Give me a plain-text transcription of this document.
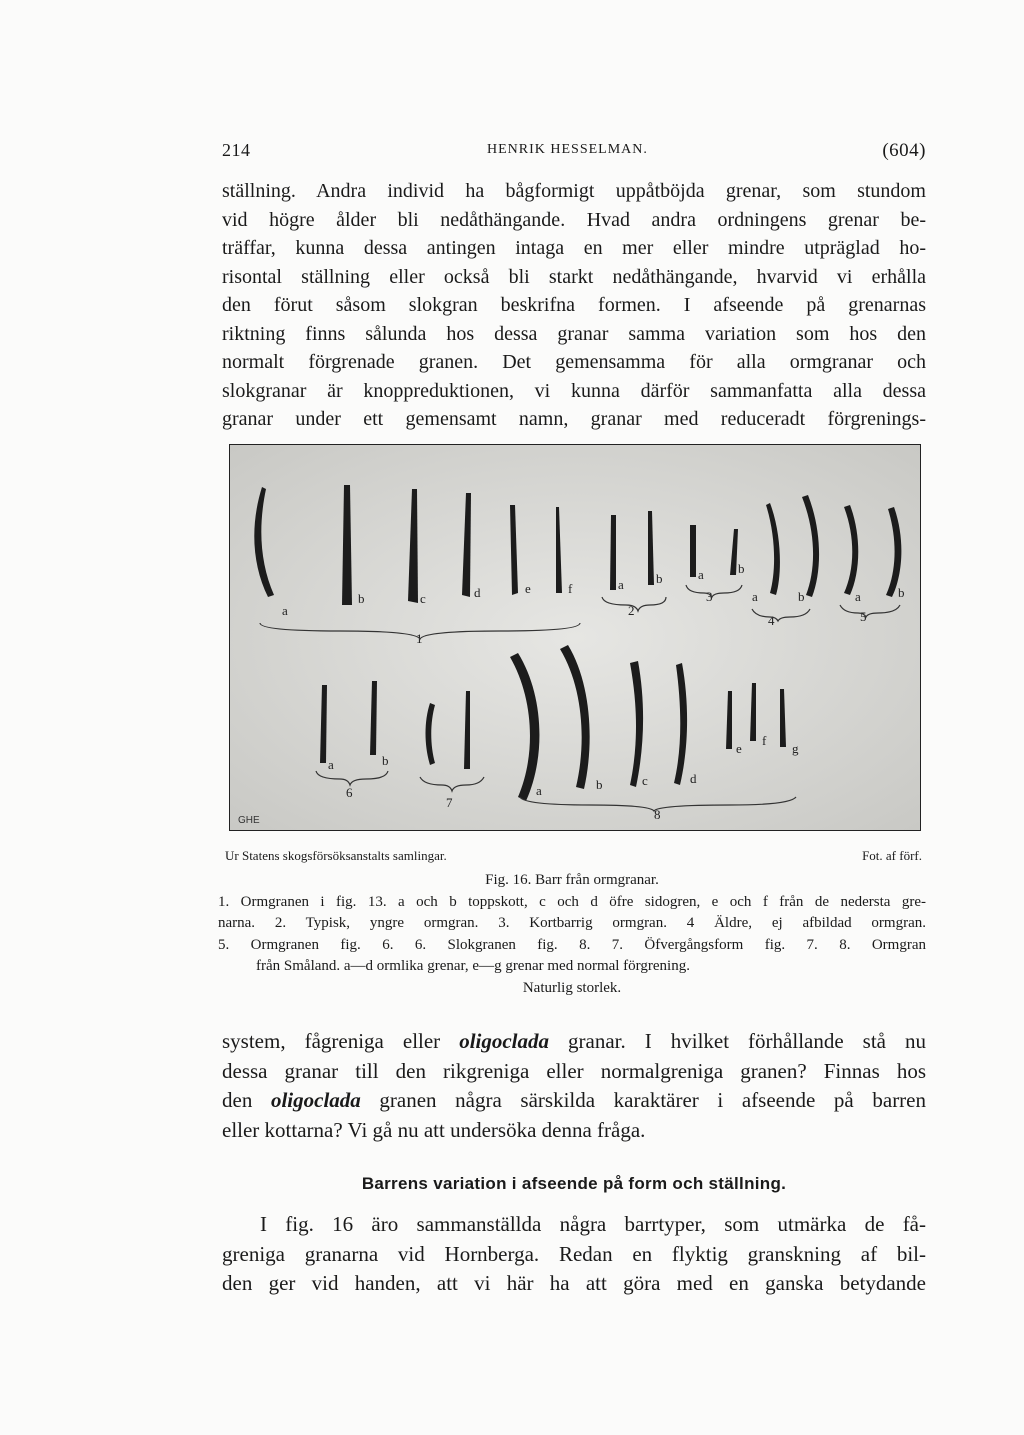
214	HENRIK HESSELMAN.	(604)
ställning. Andra individ ha bågformigt uppåtböjda grenar, som stundom
vid högre ålder bli nedåthängande. Hvad andra ordningens grenar be-
träffar, kunna dessa antingen intaga en mer eller mindre utpräglad ho-
risontal ställning eller också bli starkt nedåthängande, hvarvid vi erhålla
den förut såsom slokgran beskrifna formen. I afseende på grenarnas
riktning finns sålunda hos dessa granar samma variation som hos den
normalt förgrenade granen. Det gemensamma för alla ormgranar och
slokgranar är knoppreduktionen, vi kunna därför sammanfatta alla dessa
granar under ett gemensamt namn, granar med reduceradt förgrenings-
a
b	c	d	e	f	a b
2
a	b
3	a	b
4
a	b
5
1
a	b
6
7
a	b	c	d
e
f
g
8
GHE
Ur Statens skogsförsöksanstalts samlingar.	Fot. af förf.
Fig. 16. Barr från ormgranar.
1. Ormgranen i fig. 13. a och b toppskott, c och d öfre sidogren, e och f från de nedersta gre-
narna. 2. Typisk, yngre ormgran. 3. Kortbarrig ormgran. 4 Äldre, ej afbildad ormgran.
5. Ormgranen fig. 6. 6. Slokgranen fig. 8. 7. Öfvergångsform fig. 7. 8. Ormgran
från Småland. a—d ormlika grenar, e—g grenar med normal förgrening.
Naturlig storlek.
system, fågreniga eller oligoclada granar. I hvilket förhållande stå nu
dessa granar till den rikgreniga eller normalgreniga granen? Finnas hos
den oligoclada granen några särskilda karaktärer i afseende på barren
eller kottarna? Vi gå nu att undersöka denna fråga.
Barrens variation i afseende på form och ställning.
I fig. 16 äro sammanställda några barrtyper, som utmärka de få-
greniga granarna vid Hornberga. Redan en flyktig granskning af bil-
den ger vid handen, att vi här ha att göra med en ganska betydande
